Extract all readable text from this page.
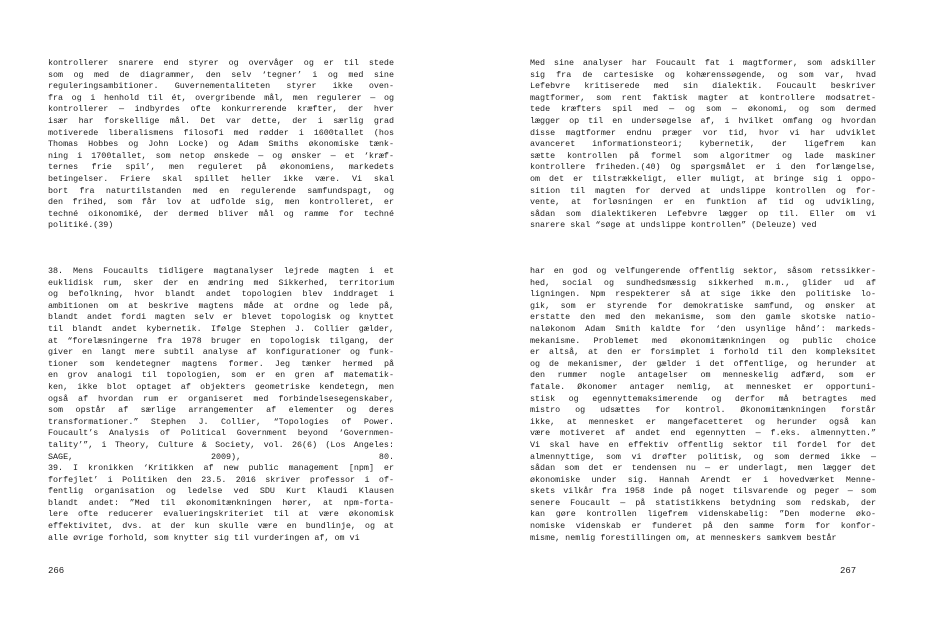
kontrollerer snarere end styrer og overvåger og er til stede
som og med de diagrammer, den selv ‘tegner’ i og med sine
reguleringsambitioner. Guvernementaliteten styrer ikke oven-
fra og i henhold til ét, overgribende mål, men regulerer — og
kontrollerer — indbyrdes ofte konkurrerende kræfter, der hver
især har forskellige mål. Det var dette, der i særlig grad
motiverede liberalismens filosofi med rødder i 1600tallet (hos
Thomas Hobbes og John Locke) og Adam Smiths økonomiske tænk-
ning i 1700tallet, som netop ønskede — og ønsker — et ‘kræf-
ternes frie spil’, men reguleret på økonomiens, markedets
betingelser. Friere skal spillet heller ikke være. Vi skal
bort fra naturtilstanden med en regulerende samfundspagt, og
den frihed, som får lov at udfolde sig, men kontrolleret, er
techné oikonomiké, der dermed bliver mål og ramme for techné
politiké.(39)
38. Mens Foucaults tidligere magtanalyser lejrede magten i et
euklidisk rum, sker der en ændring med Sikkerhed, territorium
og befolkning, hvor blandt andet topologien blev inddraget i
ambitionen om at beskrive magtens måde at ordne og lede på,
blandt andet fordi magten selv er blevet topologisk og knyttet
til blandt andet kybernetik. Ifølge Stephen J. Collier gælder,
at “forelæsningerne fra 1978 bruger en topologisk tilgang, der
giver en langt mere subtil analyse af konfigurationer og funk-
tioner som kendetegner magtens former. Jeg tænker hermed på
en grov analogi til topologien, som er en gren af matematik-
ken, ikke blot optaget af objekters geometriske kendetegn, men
også af hvordan rum er organiseret med forbindelsesegenskaber,
som opstår af særlige arrangementer af elementer og deres
transformationer.” Stephen J. Collier, “Topologies of Power.
Foucault’s Analysis of Political Government beyond ‘Governmen-
tality’”, i Theory, Culture & Society, vol. 26(6) (Los Angeles:
SAGE, 2009), 80.
39. I kronikken ‘Kritikken af new public management [npm] er
forfejlet’ i Politiken den 23.5. 2016 skriver professor i of-
fentlig organisation og ledelse ved SDU Kurt Klaudi Klausen
blandt andet: ”Med til økonomitænkningen hører, at npm-forta-
lere ofte reducerer evalueringskriteriet til at være økonomisk
effektivitet, dvs. at der kun skulle være en bundlinje, og at
alle øvrige forhold, som knytter sig til vurderingen af, om vi
266
Med sine analyser har Foucault fat i magtformer, som adskiller
sig fra de cartesiske og kohærenssøgende, og som var, hvad
Lefebvre kritiserede med sin dialektik. Foucault beskriver
magtformer, som rent faktisk magter at kontrollere modsatret-
tede kræfters spil med — og som — økonomi, og som dermed
lægger op til en undersøgelse af, i hvilket omfang og hvordan
disse magtformer endnu præger vor tid, hvor vi har udviklet
avanceret informationsteori; kybernetik, der ligefrem kan
sætte kontrollen på formel som algoritmer og lade maskiner
kontrollere friheden.(40) Og spørgsmålet er i den forlængelse,
om det er tilstrækkeligt, eller muligt, at bringe sig i oppo-
sition til magten for derved at undslippe kontrollen og for-
vente, at forløsningen er en funktion af tid og udvikling,
sådan som dialektikeren Lefebvre lægger op til. Eller om vi
snarere skal “søge at undslippe kontrollen” (Deleuze) ved
har en god og velfungerende offentlig sektor, såsom retssikker-
hed, social og sundhedsmæssig sikkerhed m.m., glider ud af
ligningen. Npm respekterer så at sige ikke den politiske lo-
gik, som er styrende for demokratiske samfund, og ønsker at
erstatte den med den mekanisme, som den gamle skotske natio-
naløkonom Adam Smith kaldte for ‘den usynlige hånd’: markeds-
mekanisme. Problemet med økonomitænkningen og public choice
er altså, at den er forsimplet i forhold til den kompleksitet
og de mekanismer, der gælder i det offentlige, og herunder at
den rummer nogle antagelser om menneskelig adfærd, som er
fatale. Økonomer antager nemlig, at mennesket er opportuni-
stisk og egennyttemaksimerende og derfor må betragtes med
mistro og udsættes for kontrol. Økonomitænkningen forstår
ikke, at mennesket er mangefacetteret og herunder også kan
være motiveret af andet end egennytten — f.eks. almennytten.”
Vi skal have en effektiv offentlig sektor til fordel for det
almennyttige, som vi drøfter politisk, og som dermed ikke —
sådan som det er tendensen nu — er underlagt, men lægger det
økonomiske under sig. Hannah Arendt er i hovedværket Menne-
skets vilkår fra 1958 inde på noget tilsvarende og peger — som
senere Foucault — på statistikkens betydning som redskab, der
kan gøre kontrollen ligefrem videnskabelig: ”Den moderne øko-
nomiske videnskab er funderet på den samme form for konfor-
misme, nemlig forestillingen om, at menneskers samkvem består
267
